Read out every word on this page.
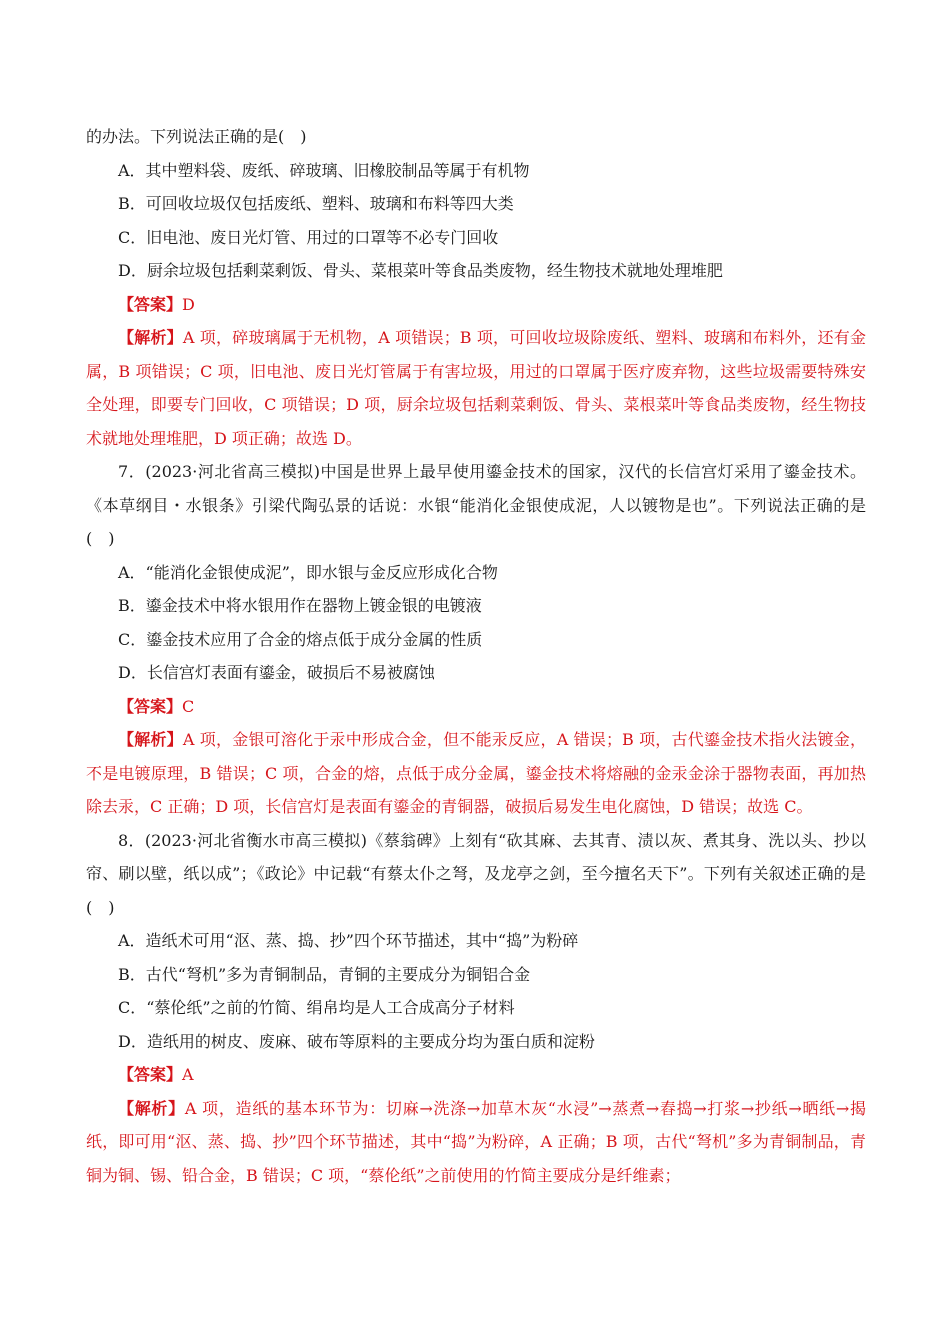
的办法。下列说法正确的是(　)

A．其中塑料袋、废纸、碎玻璃、旧橡胶制品等属于有机物

B．可回收垃圾仅包括废纸、塑料、玻璃和布料等四大类

C．旧电池、废日光灯管、用过的口罩等不必专门回收

D．厨余垃圾包括剩菜剩饭、骨头、菜根菜叶等食品类废物，经生物技术就地处理堆肥

【答案】D

【解析】A 项，碎玻璃属于无机物，A 项错误；B 项，可回收垃圾除废纸、塑料、玻璃和布料外，还有金属，B 项错误；C 项，旧电池、废日光灯管属于有害垃圾，用过的口罩属于医疗废弃物，这些垃圾需要特殊安全处理，即要专门回收，C 项错误；D 项，厨余垃圾包括剩菜剩饭、骨头、菜根菜叶等食品类废物，经生物技术就地处理堆肥，D 项正确；故选 D。

7．(2023·河北省高三模拟)中国是世界上最早使用鎏金技术的国家，汉代的长信宫灯采用了鎏金技术。《本草纲目・水银条》引梁代陶弘景的话说：水银“能消化金银使成泥，人以镀物是也”。下列说法正确的是(　)

A．“能消化金银使成泥”，即水银与金反应形成化合物

B．鎏金技术中将水银用作在器物上镀金银的电镀液

C．鎏金技术应用了合金的熔点低于成分金属的性质

D．长信宫灯表面有鎏金，破损后不易被腐蚀

【答案】C

【解析】A 项，金银可溶化于汞中形成合金，但不能汞反应，A 错误；B 项，古代鎏金技术指火法镀金，不是电镀原理，B 错误；C 项，合金的熔，点低于成分金属，鎏金技术将熔融的金汞金涂于器物表面，再加热除去汞，C 正确；D 项，长信宫灯是表面有鎏金的青铜器，破损后易发生电化腐蚀，D 错误；故选 C。

8．(2023·河北省衡水市高三模拟)《蔡翁碑》上刻有“砍其麻、去其青、渍以灰、煮其身、洗以头、抄以帘、刷以壁，纸以成”；《政论》中记载“有蔡太仆之弩，及龙亭之剑，至今擅名天下”。下列有关叙述正确的是(　)

A．造纸术可用“沤、蒸、捣、抄”四个环节描述，其中“捣”为粉碎

B．古代“弩机”多为青铜制品，青铜的主要成分为铜铝合金

C．“蔡伦纸”之前的竹简、绢帛均是人工合成高分子材料

D．造纸用的树皮、废麻、破布等原料的主要成分均为蛋白质和淀粉

【答案】A

【解析】A 项，造纸的基本环节为：切麻→洗涤→加草木灰“水浸”→蒸煮→舂捣→打浆→抄纸→晒纸→揭纸，即可用“沤、蒸、捣、抄”四个环节描述，其中“捣”为粉碎，A 正确；B 项，古代“弩机”多为青铜制品，青铜为铜、锡、铅合金，B 错误；C 项，“蔡伦纸”之前使用的竹简主要成分是纤维素；
